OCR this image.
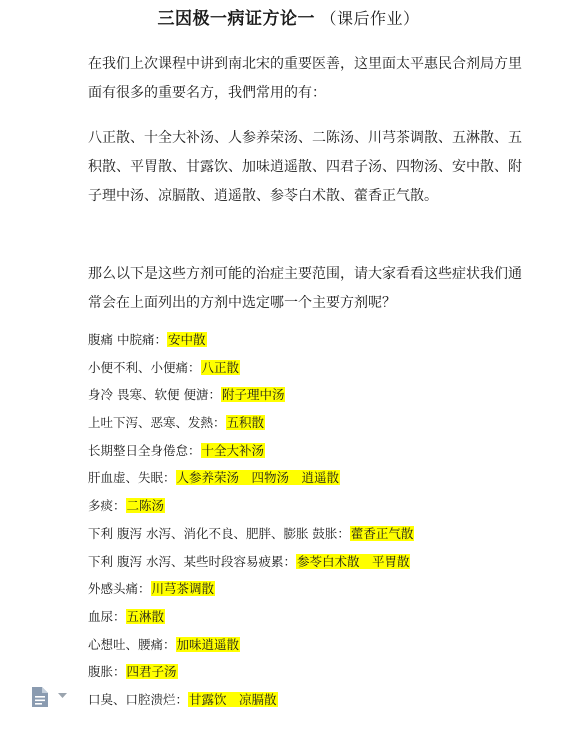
三因极一病证方论一 （课后作业）

在我们上次课程中讲到南北宋的重要医善，这里面太平惠民合剂局方里面有很多的重要名方，我們常用的有：

八正散、十全大补汤、人参养荣汤、二陈汤、川芎茶调散、五淋散、五积散、平胃散、甘露饮、加味逍遥散、四君子汤、四物汤、安中散、附子理中汤、凉膈散、逍遥散、参苓白术散、藿香正气散。

那么以下是这些方剂可能的治症主要范围，请大家看看这些症状我们通常会在上面列出的方剂中选定哪一个主要方剂呢？

腹痛 中脘痛：安中散
小便不利、小便痛：八正散
身冷 畏寒、软便 便溏：附子理中汤
上吐下泻、恶寒、发熱：五积散
长期整日全身倦怠：十全大补汤
肝血虚、失眠：人参养荣汤　四物汤　逍遥散
多痰：二陈汤
下利 腹泻 水泻、消化不良、肥胖、膨胀 鼓胀：藿香正气散
下利 腹泻 水泻、某些时段容易疲累：参苓白术散　平胃散
外感头痛：川芎茶调散
血尿：五淋散
心想吐、腰痛：加味逍遥散
腹胀：四君子汤
口臭、口腔溃烂：甘露饮　凉膈散
